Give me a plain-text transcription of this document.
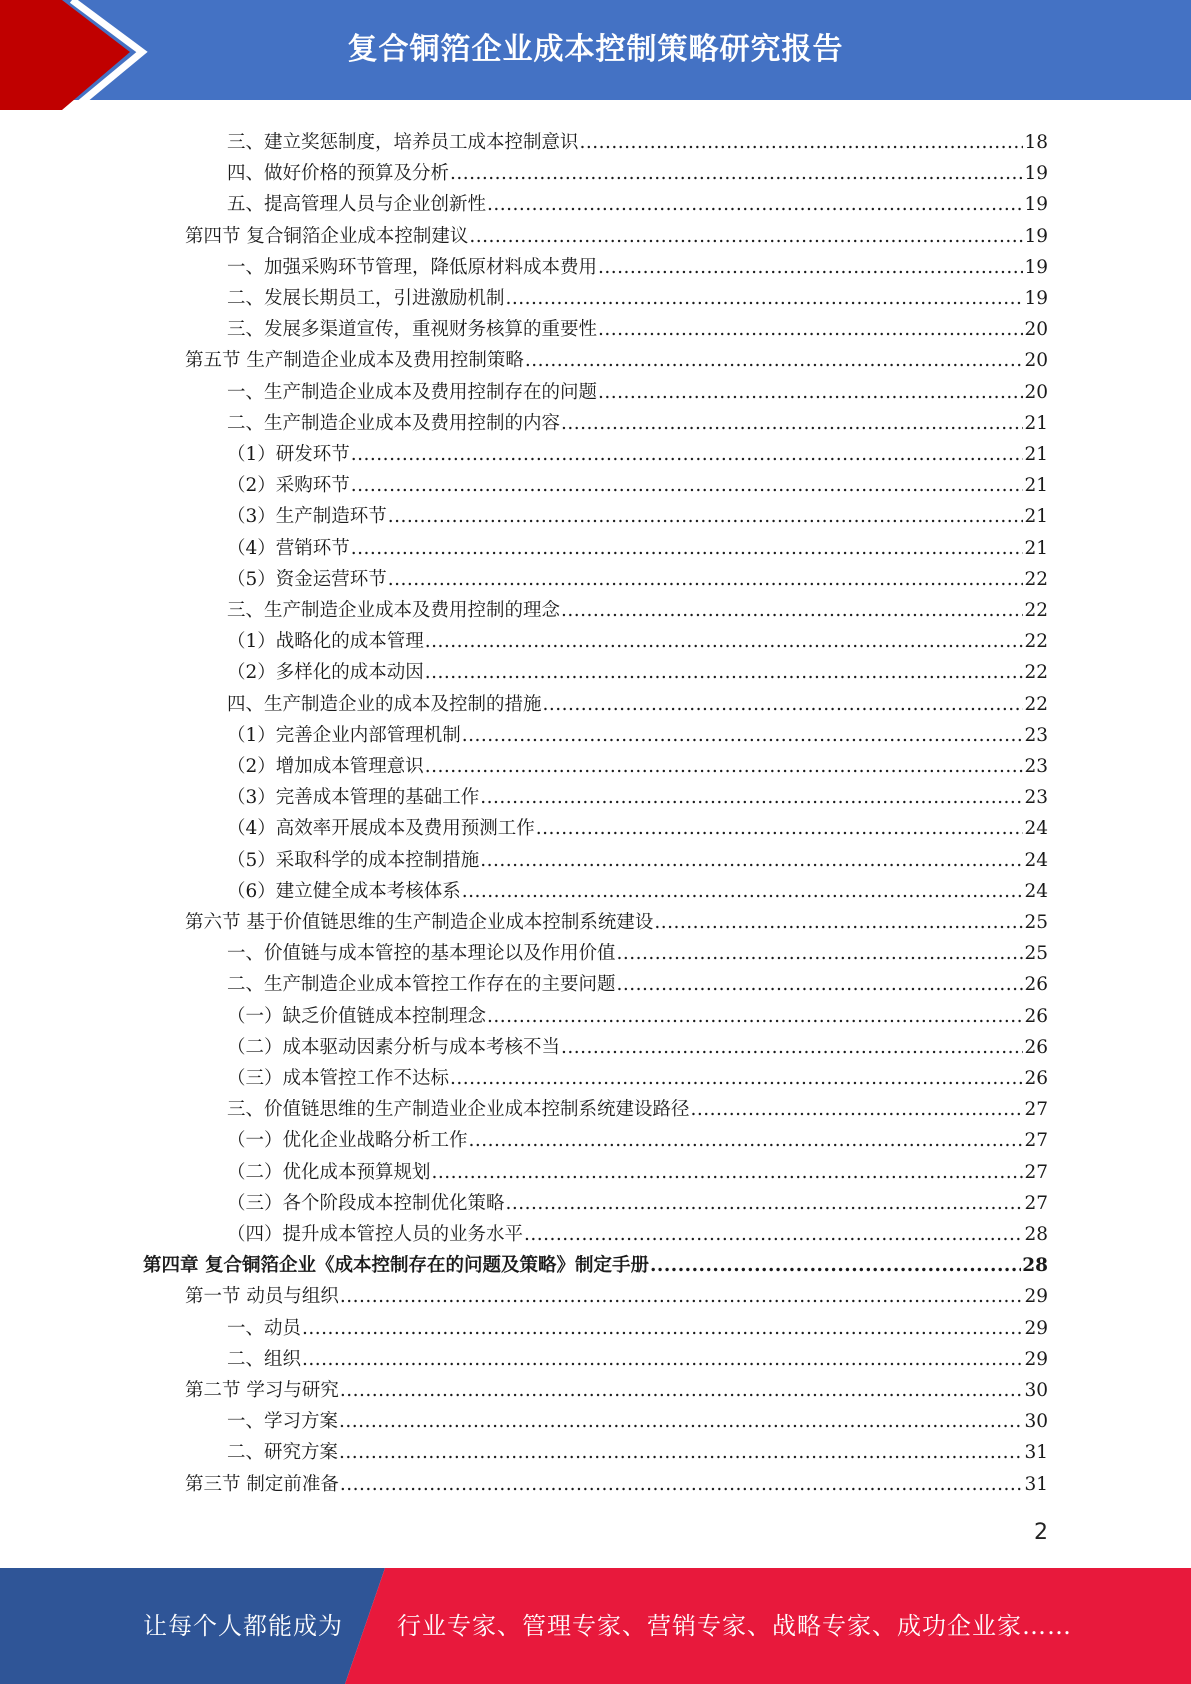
复合铜箔企业成本控制策略研究报告
三、建立奖惩制度，培养员工成本控制意识 .....	18
四、做好价格的预算及分析 .....	19
五、提高管理人员与企业创新性 .....	19
第四节 复合铜箔企业成本控制建议 .....	19
一、加强采购环节管理，降低原材料成本费用 .....	19
二、发展长期员工，引进激励机制 .....	19
三、发展多渠道宣传，重视财务核算的重要性 .....	20
第五节 生产制造企业成本及费用控制策略 .....	20
一、生产制造企业成本及费用控制存在的问题 .....	20
二、生产制造企业成本及费用控制的内容 .....	21
（1）研发环节 .....	21
（2）采购环节 .....	21
（3）生产制造环节 .....	21
（4）营销环节 .....	21
（5）资金运营环节 .....	22
三、生产制造企业成本及费用控制的理念 .....	22
（1）战略化的成本管理 .....	22
（2）多样化的成本动因 .....	22
四、生产制造企业的成本及控制的措施 .....	22
（1）完善企业内部管理机制 .....	23
（2）增加成本管理意识 .....	23
（3）完善成本管理的基础工作 .....	23
（4）高效率开展成本及费用预测工作 .....	24
（5）采取科学的成本控制措施 .....	24
（6）建立健全成本考核体系 .....	24
第六节 基于价值链思维的生产制造企业成本控制系统建设 .....	25
一、价值链与成本管控的基本理论以及作用价值 .....	25
二、生产制造企业成本管控工作存在的主要问题 .....	26
（一）缺乏价值链成本控制理念 .....	26
（二）成本驱动因素分析与成本考核不当 .....	26
（三）成本管控工作不达标 .....	26
三、价值链思维的生产制造业企业成本控制系统建设路径 .....	27
（一）优化企业战略分析工作 .....	27
（二）优化成本预算规划 .....	27
（三）各个阶段成本控制优化策略 .....	27
（四）提升成本管控人员的业务水平 .....	28
第四章 复合铜箔企业《成本控制存在的问题及策略》制定手册 .....	28
第一节 动员与组织 .....	29
一、动员 .....	29
二、组织 .....	29
第二节 学习与研究 .....	30
一、学习方案 .....	30
二、研究方案 .....	31
第三节 制定前准备 .....	31
2
让每个人都能成为 行业专家、管理专家、营销专家、战略专家、成功企业家……
